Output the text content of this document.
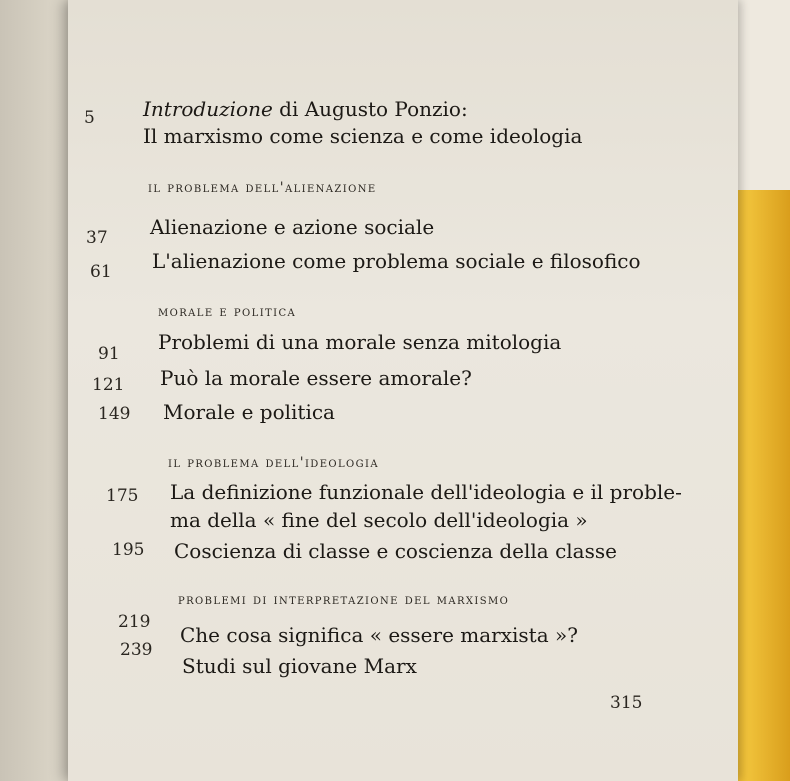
5 Introduzione di Augusto Ponzio:
Il marxismo come scienza e come ideologia
il problema dell'alienazione
37 Alienazione e azione sociale
61 L'alienazione come problema sociale e filosofico
morale e politica
91 Problemi di una morale senza mitologia
121 Può la morale essere amorale?
149 Morale e politica
il problema dell'ideologia
175 La definizione funzionale dell'ideologia e il proble-
ma della « fine del secolo dell'ideologia »
195 Coscienza di classe e coscienza della classe
problemi di interpretazione del marxismo
219
Che cosa significa « essere marxista »?
239
Studi sul giovane Marx
315
